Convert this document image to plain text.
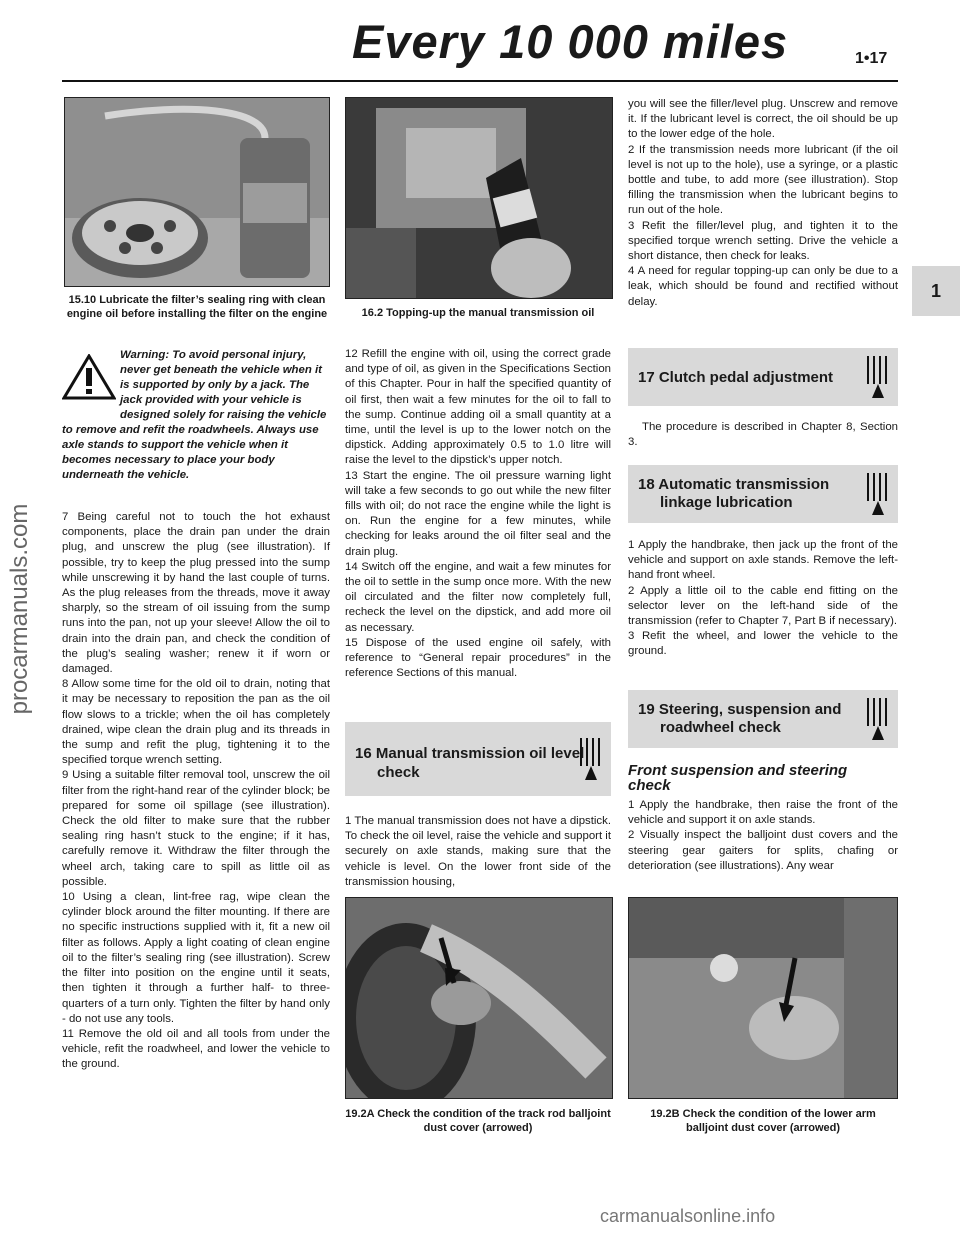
Every 10 000 miles	1•17
1
procarmanuals.com
carmanualsonline.info
15.10 Lubricate the filter’s sealing ring with clean engine oil before installing the filter on the engine
Warning: To avoid personal injury, never get beneath the vehicle when it is supported by only by a jack. The jack provided with your vehicle is designed solely for raising the vehicle to remove and refit the roadwheels. Always use axle stands to support the vehicle when it becomes necessary to place your body underneath the vehicle.

7 Being careful not to touch the hot exhaust components, place the drain pan under the drain plug, and unscrew the plug (see illustration). If possible, try to keep the plug pressed into the sump while unscrewing it by hand the last couple of turns. As the plug releases from the threads, move it away sharply, so the stream of oil issuing from the sump runs into the pan, not up your sleeve! Allow the oil to drain into the drain pan, and check the condition of the plug’s sealing washer; renew it if worn or damaged.

8 Allow some time for the old oil to drain, noting that it may be necessary to reposition the pan as the oil flow slows to a trickle; when the oil has completely drained, wipe clean the drain plug and its threads in the sump and refit the plug, tightening it to the specified torque wrench setting.

9 Using a suitable filter removal tool, unscrew the oil filter from the right-hand rear of the cylinder block; be prepared for some oil spillage (see illustration). Check the old filter to make sure that the rubber sealing ring hasn’t stuck to the engine; if it has, carefully remove it. Withdraw the filter through the wheel arch, taking care to spill as little oil as possible.

10 Using a clean, lint-free rag, wipe clean the cylinder block around the filter mounting. If there are no specific instructions supplied with it, fit a new oil filter as follows. Apply a light coating of clean engine oil to the filter’s sealing ring (see illustration). Screw the filter into position on the engine until it seats, then tighten it through a further half- to three-quarters of a turn only. Tighten the filter by hand only - do not use any tools.

11 Remove the old oil and all tools from under the vehicle, refit the roadwheel, and lower the vehicle to the ground.

16.2 Topping-up the manual transmission oil

12 Refill the engine with oil, using the correct grade and type of oil, as given in the Specifications Section of this Chapter. Pour in half the specified quantity of oil first, then wait a few minutes for the oil to fall to the sump. Continue adding oil a small quantity at a time, until the level is up to the lower notch on the dipstick. Adding approximately 0.5 to 1.0 litre will raise the level to the dipstick’s upper notch.

13 Start the engine. The oil pressure warning light will take a few seconds to go out while the new filter fills with oil; do not race the engine while the light is on. Run the engine for a few minutes, while checking for leaks around the oil filter seal and the drain plug.

14 Switch off the engine, and wait a few minutes for the oil to settle in the sump once more. With the new oil circulated and the filter now completely full, recheck the level on the dipstick, and add more oil as necessary.

15 Dispose of the used engine oil safely, with reference to “General repair procedures” in the reference Sections of this manual.

16 Manual transmission oil level
check
1 The manual transmission does not have a dipstick. To check the oil level, raise the vehicle and support it securely on axle stands, making sure that the vehicle is level. On the lower front side of the transmission housing,

you will see the filler/level plug. Unscrew and remove it. If the lubricant level is correct, the oil should be up to the lower edge of the hole.

2 If the transmission needs more lubricant (if the oil level is not up to the hole), use a syringe, or a plastic bottle and tube, to add more (see illustration). Stop filling the transmission when the lubricant begins to run out of the hole.

3 Refit the filler/level plug, and tighten it to the specified torque wrench setting. Drive the vehicle a short distance, then check for leaks.

4 A need for regular topping-up can only be due to a leak, which should be found and rectified without delay.

17 Clutch pedal adjustment
The procedure is described in Chapter 8, Section 3.
18 Automatic transmission
linkage lubrication

1 Apply the handbrake, then jack up the front of the vehicle and support on axle stands. Remove the left-hand front wheel.

2 Apply a little oil to the cable end fitting on the selector lever on the left-hand side of the transmission (refer to Chapter 7, Part B if necessary).

3 Refit the wheel, and lower the vehicle to the ground.

19 Steering, suspension and
roadwheel check
Front suspension and steering check

1 Apply the handbrake, then raise the front of the vehicle and support it on axle stands.

2 Visually inspect the balljoint dust covers and the steering gear gaiters for splits, chafing or deterioration (see illustrations). Any wear

19.2A Check the condition of the track rod balljoint dust cover (arrowed)
19.2B Check the condition of the lower arm balljoint dust cover (arrowed)
